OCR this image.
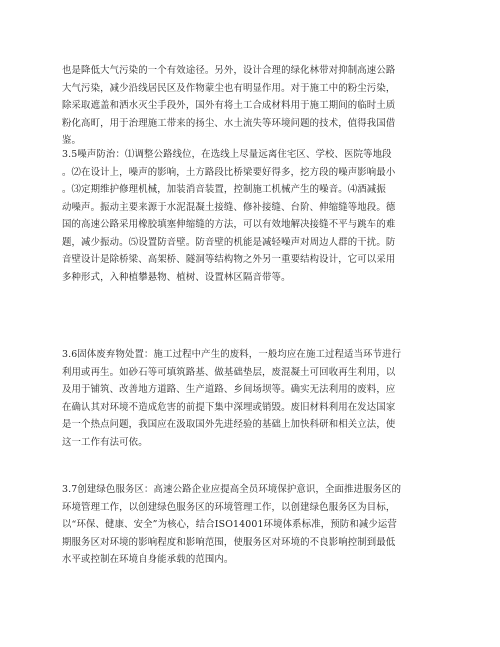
也是降低大气污染的一个有效途径。另外，设计合理的绿化林带对抑制高速公路
大气污染，减少沿线居民区及作物蒙尘也有明显作用。对于施工中的粉尘污染，
除采取遮盖和洒水灭尘手段外，国外有将土工合成材料用于施工期间的临时土质
粉化高町，用于治理施工带来的扬尘、水土流失等环境问题的技术，值得我国借
鉴。
3.5噪声防治：⑴调整公路线位，在选线上尽量远离住宅区、学校、医院等地段
。⑵在设计上，噪声的影响，土方路段比桥梁要好得多，挖方段的噪声影响最小
。⑶定期维护修理机械，加装消音装置，控制施工机械产生的噪音。⑷酒减振
动噪声。振动主要来源于水泥混凝土接缝、修补接缝、台阶、伸缩缝等地段。德
国的高速公路采用橡胶填塞伸缩缝的方法，可以有效地解决接缝不平与跳车的难
题，减少振动。⑸设置防音壁。防音壁的机能是减轻噪声对周边人群的干扰。防
音壁设计是除桥梁、高架桥、隧洞等结构物之外另一重要结构设计，它可以采用
多种形式，入种植攀悬物、植树、设置林区隔音带等。
3.6固体废弃物处置：施工过程中产生的废料，一般均应在施工过程适当环节进行
利用或再生。如砂石等可填筑路基、做基础垫层，废混凝土可回收再生利用，以
及用于铺筑、改善地方道路、生产道路、乡间场坝等。确实无法利用的废料，应
在确认其对环境不造成危害的前提下集中深埋或销毁。废旧材料利用在发达国家
是一个热点问题，我国应在汲取国外先进经验的基础上加快科研和相关立法，使
这一工作有法可依。
3.7创建绿色服务区：高速公路企业应提高全员环境保护意识，全面推进服务区的
环境管理工作，以创建绿色服务区的环境管理工作，以创建绿色服务区为目标，
以“环保、健康、安全”为核心，结合ISO14001环境体系标准，预防和减少运营
期服务区对环境的影响程度和影响范围，使服务区对环境的不良影响控制到最低
水平或控制在环境自身能承载的范围内。
